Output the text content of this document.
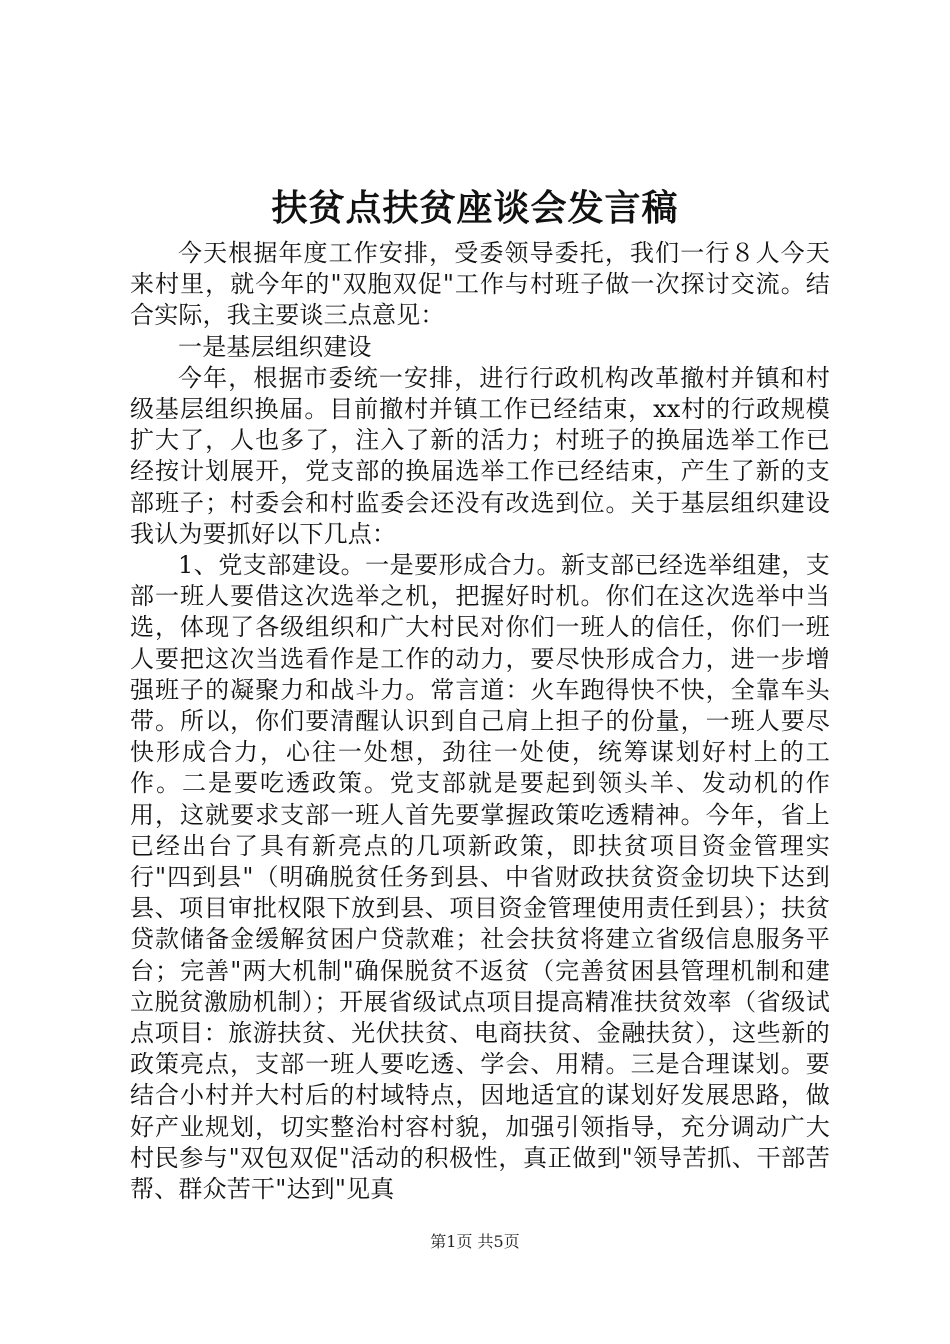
扶贫点扶贫座谈会发言稿

今天根据年度工作安排，受委领导委托，我们一行８人今天来村里，就今年的"双胞双促"工作与村班子做一次探讨交流。结合实际，我主要谈三点意见：

一是基层组织建设

今年，根据市委统一安排，进行行政机构改革撤村并镇和村级基层组织换届。目前撤村并镇工作已经结束，xx村的行政规模扩大了，人也多了，注入了新的活力；村班子的换届选举工作已经按计划展开，党支部的换届选举工作已经结束，产生了新的支部班子；村委会和村监委会还没有改选到位。关于基层组织建设我认为要抓好以下几点：

1、党支部建设。一是要形成合力。新支部已经选举组建，支部一班人要借这次选举之机，把握好时机。你们在这次选举中当选，体现了各级组织和广大村民对你们一班人的信任，你们一班人要把这次当选看作是工作的动力，要尽快形成合力，进一步增强班子的凝聚力和战斗力。常言道：火车跑得快不快，全靠车头带。所以，你们要清醒认识到自己肩上担子的份量，一班人要尽快形成合力，心往一处想，劲往一处使，统筹谋划好村上的工作。二是要吃透政策。党支部就是要起到领头羊、发动机的作用，这就要求支部一班人首先要掌握政策吃透精神。今年，省上已经出台了具有新亮点的几项新政策，即扶贫项目资金管理实行"四到县"（明确脱贫任务到县、中省财政扶贫资金切块下达到县、项目审批权限下放到县、项目资金管理使用责任到县）；扶贫贷款储备金缓解贫困户贷款难；社会扶贫将建立省级信息服务平台；完善"两大机制"确保脱贫不返贫（完善贫困县管理机制和建立脱贫激励机制）；开展省级试点项目提高精准扶贫效率（省级试点项目：旅游扶贫、光伏扶贫、电商扶贫、金融扶贫），这些新的政策亮点，支部一班人要吃透、学会、用精。三是合理谋划。要结合小村并大村后的村域特点，因地适宜的谋划好发展思路，做好产业规划，切实整治村容村貌，加强引领指导，充分调动广大村民参与"双包双促"活动的积极性，真正做到"领导苦抓、干部苦帮、群众苦干"达到"见真

第1页 共5页
